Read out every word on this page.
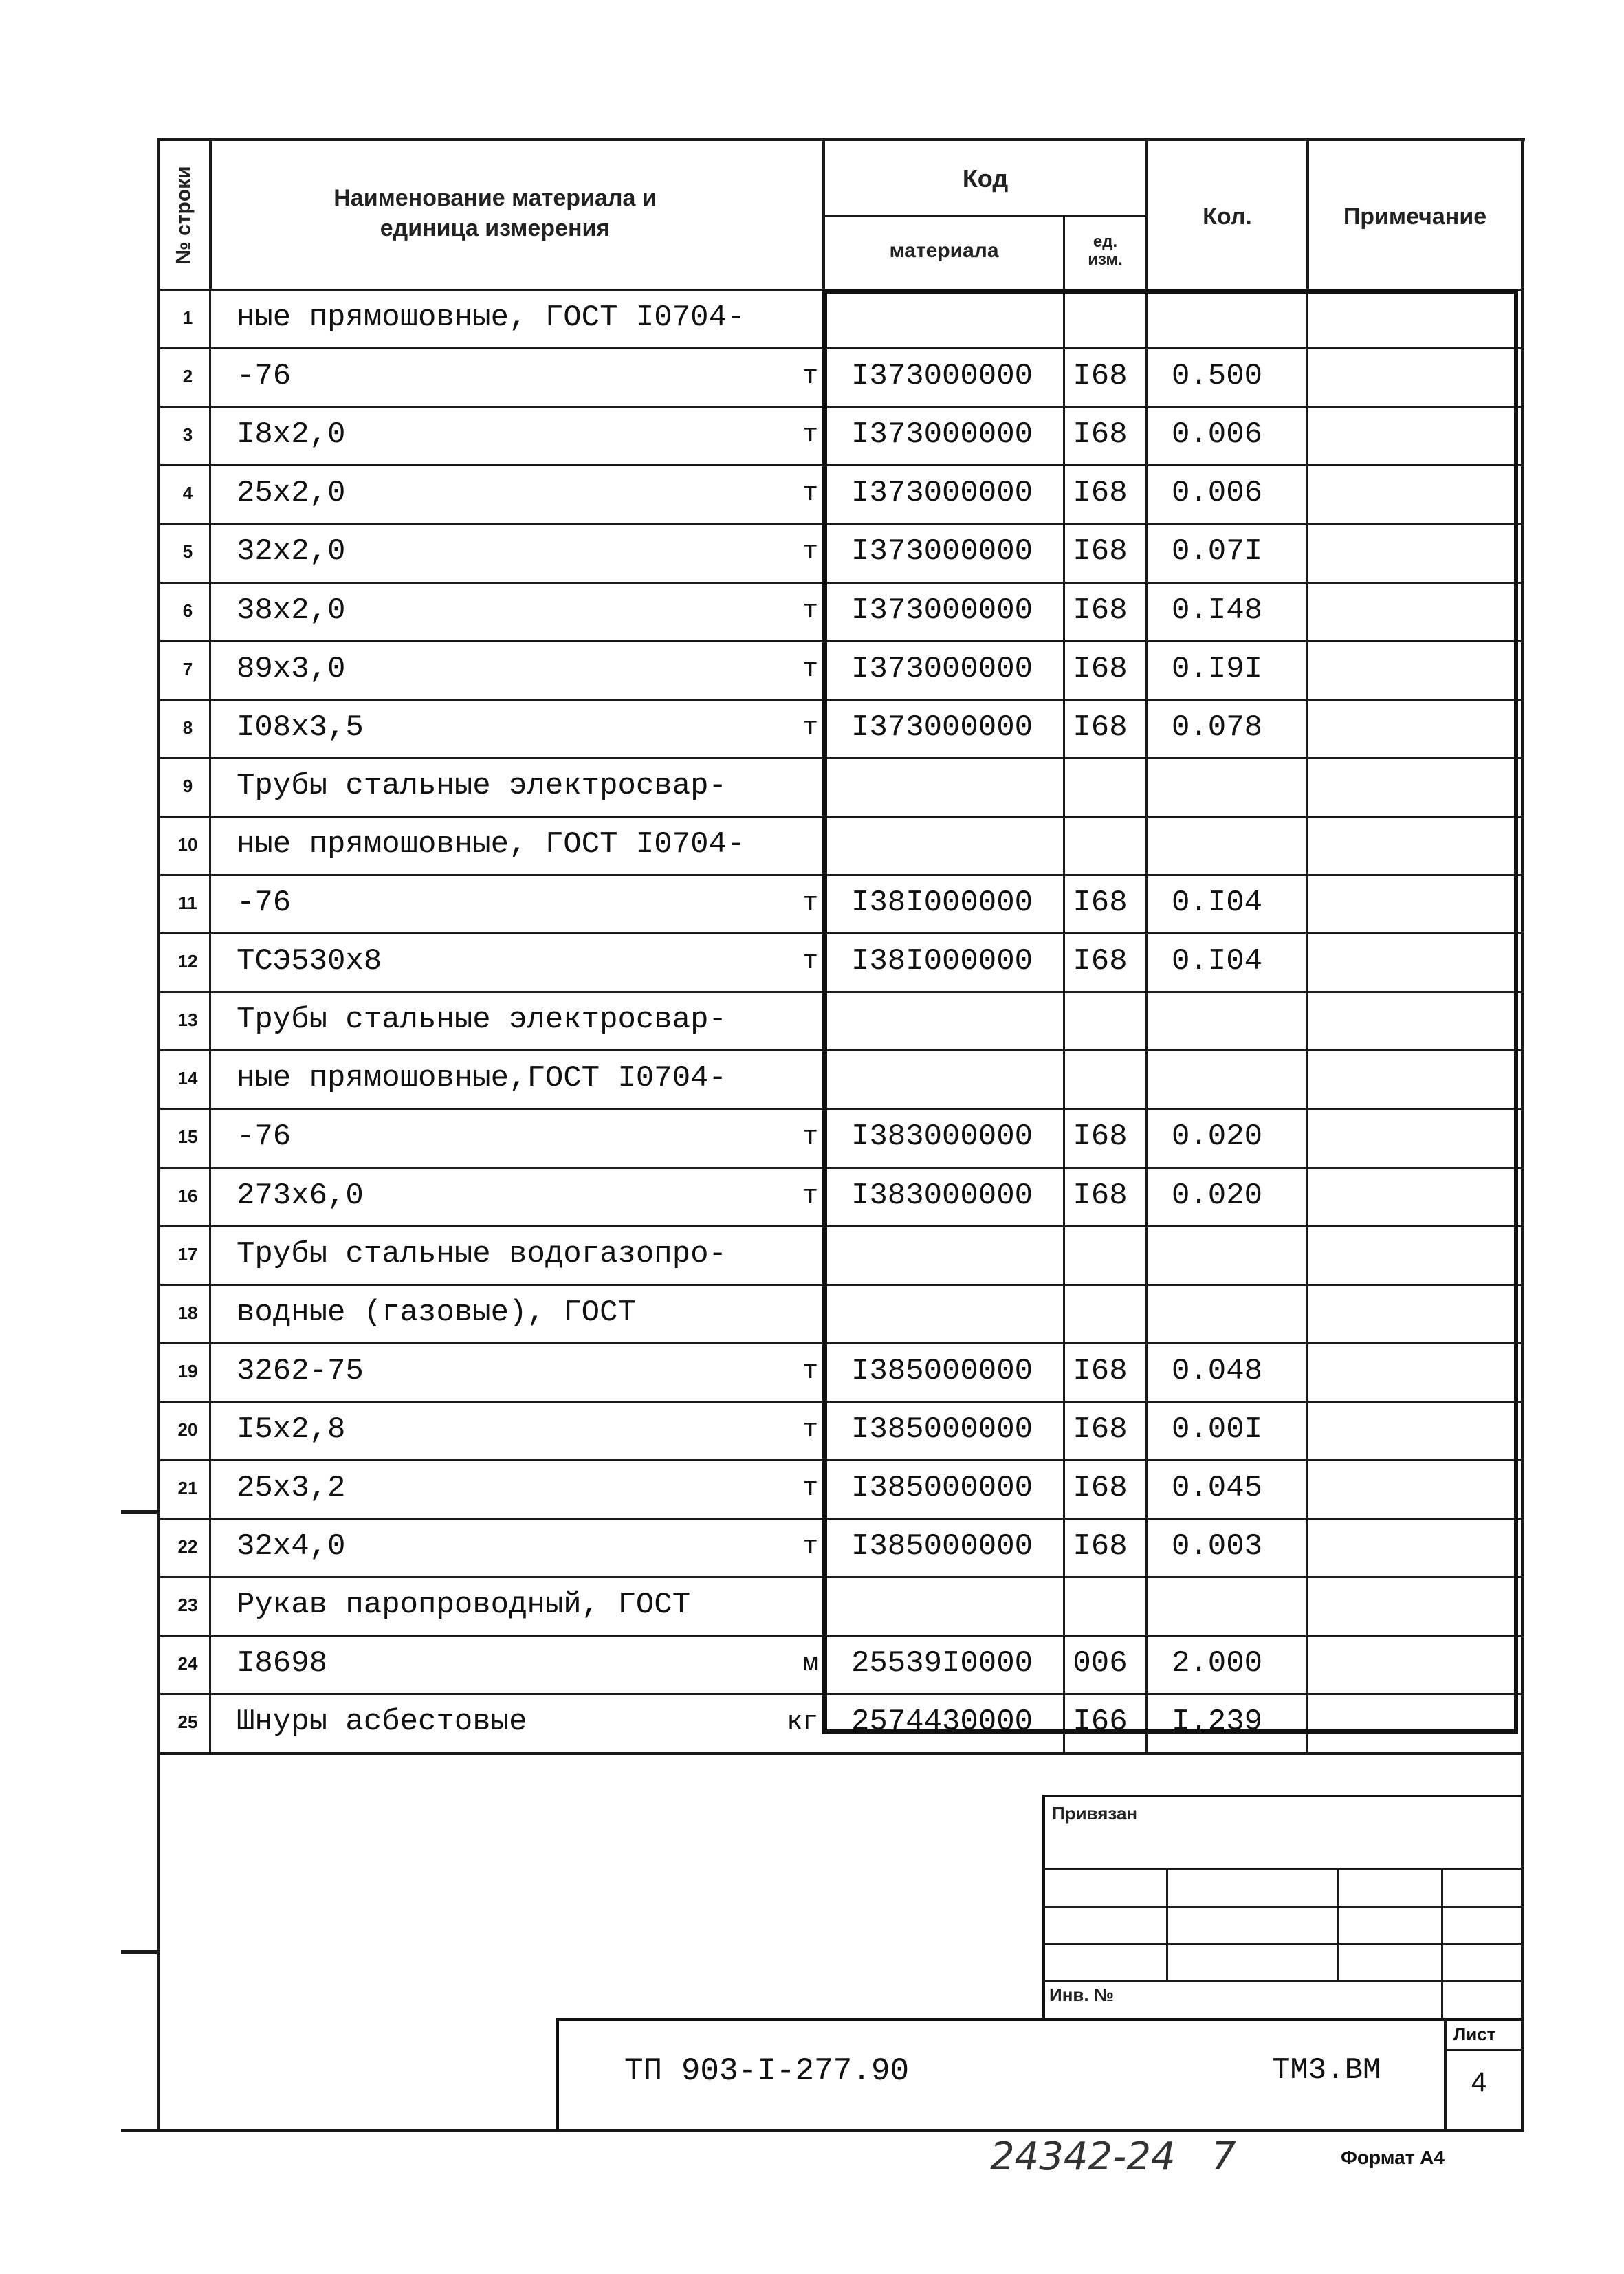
№ строки	Наименование материала и единица измерения
Код
материала	ед. изм.
Кол.	Примечание
1	ные прямошовные, ГОСТ I0704-
2	-76	т	I373000000	I68	0.500
3	I8x2,0	т	I373000000	I68	0.006
4	25x2,0	т	I373000000	I68	0.006
5	32x2,0	т	I373000000	I68	0.07I
6	38x2,0	т	I373000000	I68	0.I48
7	89x3,0	т	I373000000	I68	0.I9I
8	I08x3,5	т	I373000000	I68	0.078
9	Трубы стальные электросвар-
10	ные прямошовные, ГОСТ I0704-
11	-76	т	I38I000000	I68	0.I04
12	ТСЭ530x8	т	I38I000000	I68	0.I04
13	Трубы стальные электросвар-
14	ные прямошовные,ГОСТ I0704-
15	-76	т	I383000000	I68	0.020
16	273x6,0	т	I383000000	I68	0.020
17	Трубы стальные водогазопро-
18	водные (газовые), ГОСТ
19	3262-75	т	I385000000	I68	0.048
20	I5x2,8	т	I385000000	I68	0.00I
21	25x3,2	т	I385000000	I68	0.045
22	32x4,0	т	I385000000	I68	0.003
23	Рукав паропроводный, ГОСТ
24	I8698	м	25539I0000	006	2.000
25	Шнуры асбестовые	кг	2574430000	I66	I.239
Привязан
Инв. №
ТП 903-I-277.90	ТМ3.ВМ
Лист
4
24342-24 7	Формат А4
